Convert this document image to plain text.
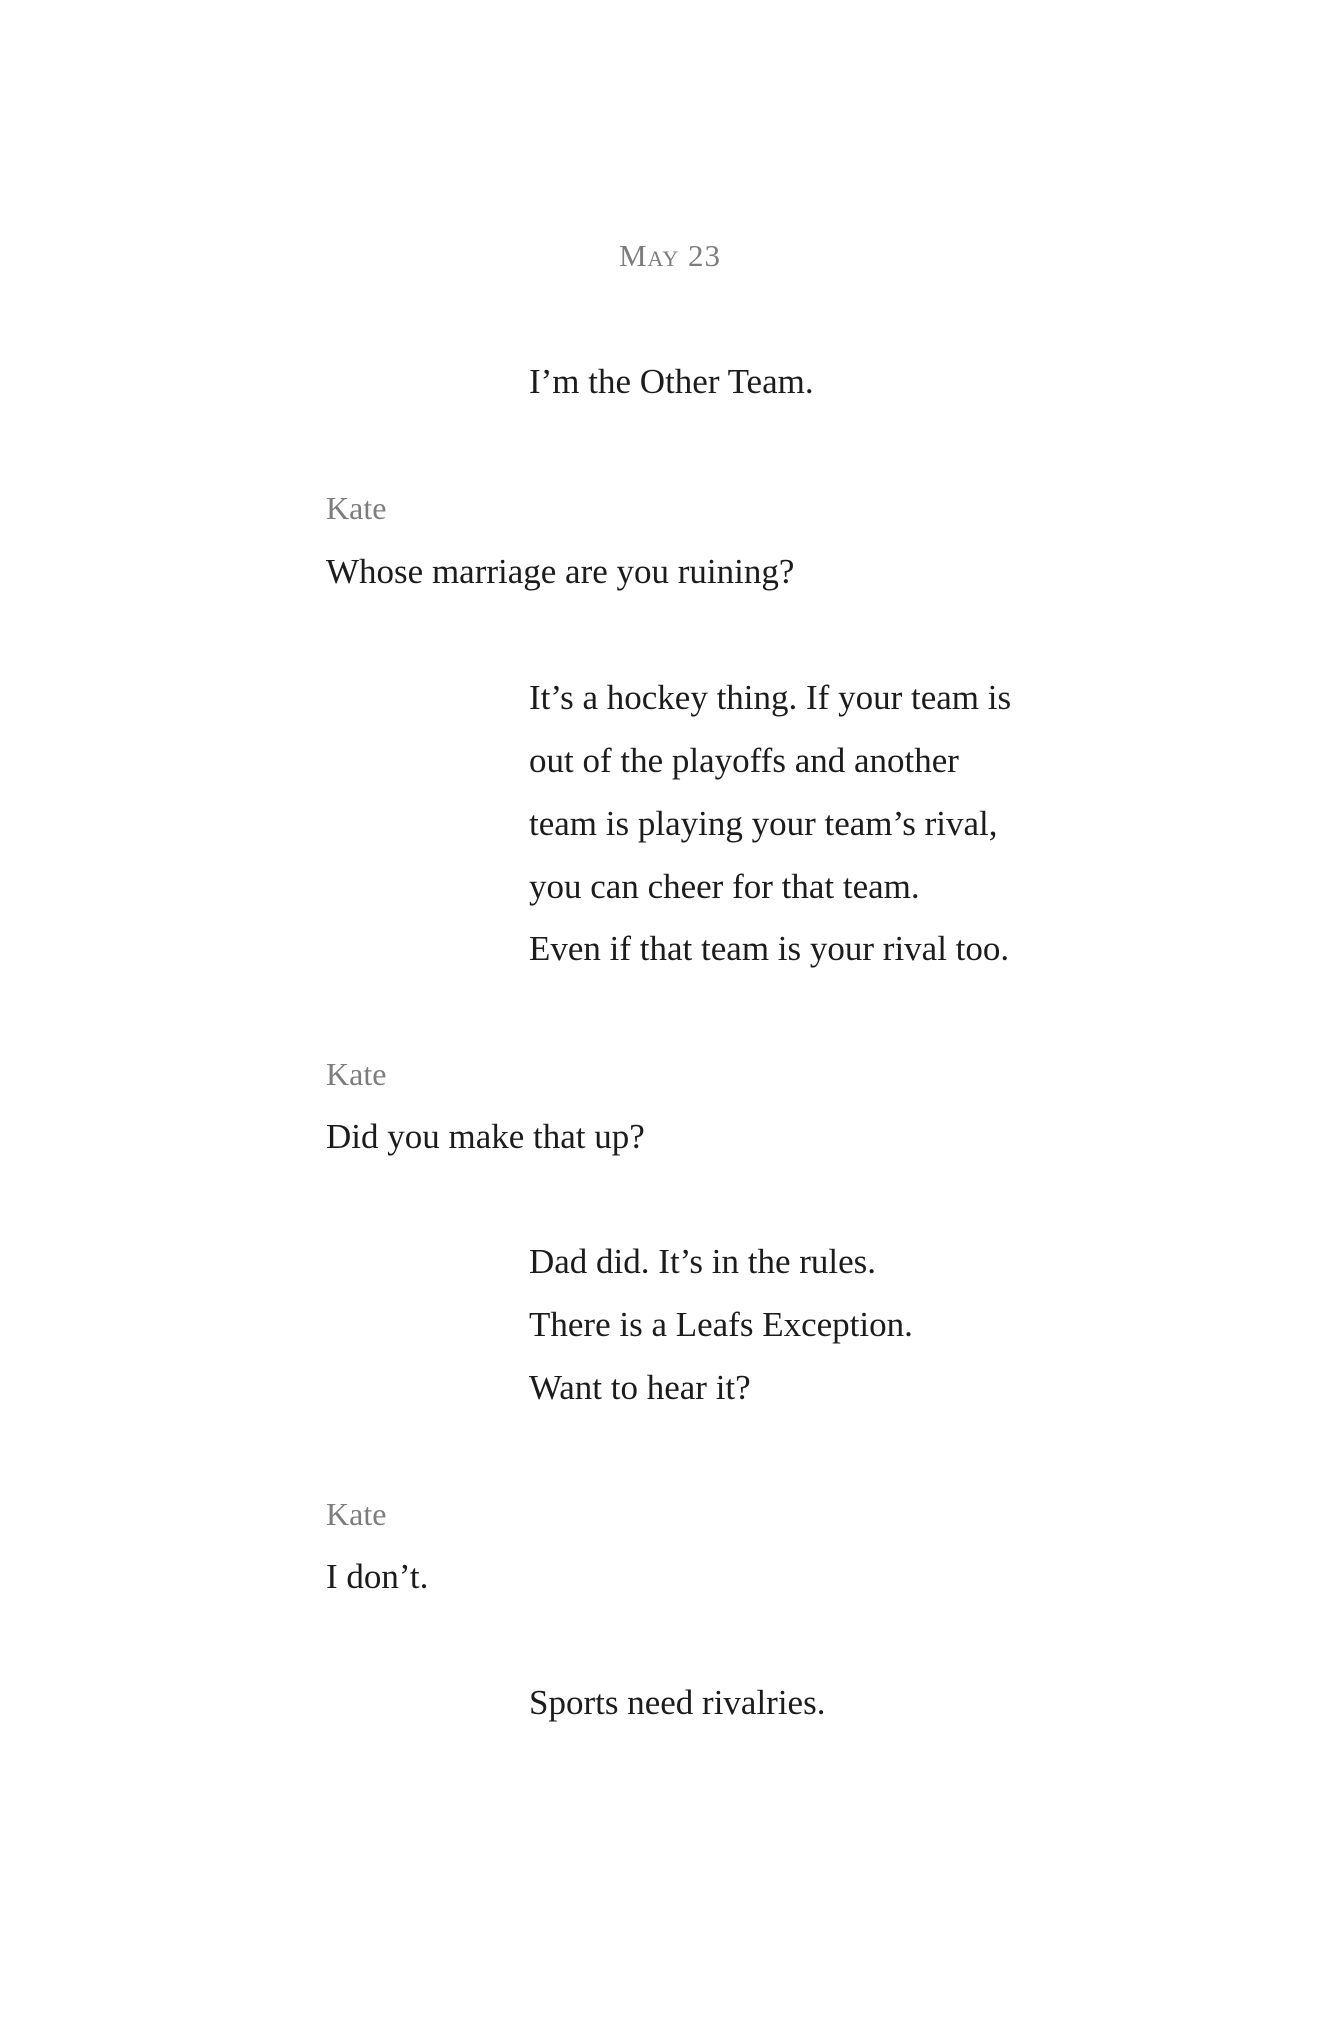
May 23
I’m the Other Team.
Kate
Whose marriage are you ruining?
It’s a hockey thing. If your team is
out of the playoffs and another
team is playing your team’s rival,
you can cheer for that team.
Even if that team is your rival too.
Kate
Did you make that up?
Dad did. It’s in the rules.
There is a Leafs Exception.
Want to hear it?
Kate
I don’t.
Sports need rivalries.
